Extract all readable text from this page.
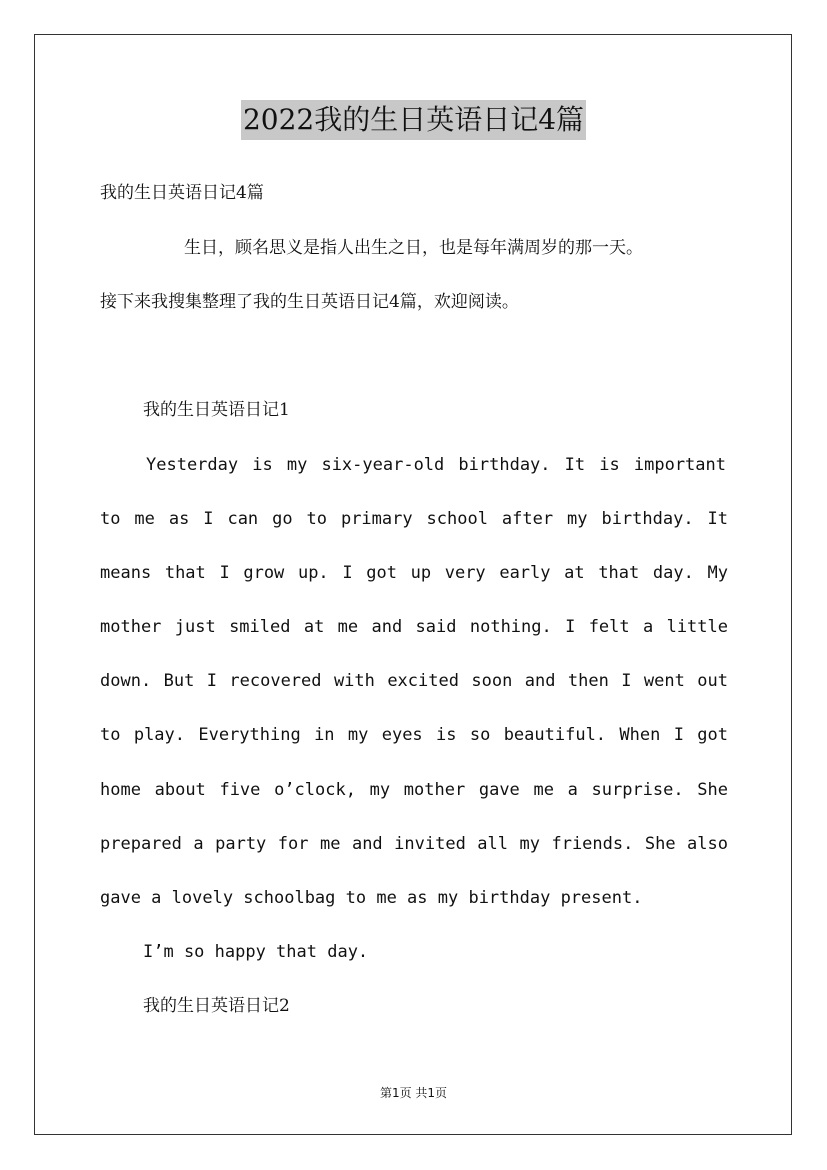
2022我的生日英语日记4篇
我的生日英语日记4篇
生日，顾名思义是指人出生之日，也是每年满周岁的那一天。
接下来我搜集整理了我的生日英语日记4篇，欢迎阅读。
我的生日英语日记1
Yesterday is my six-year-old birthday. It is important
to me as I can go to primary school after my birthday. It
means that I grow up. I got up very early at that day. My
mother just smiled at me and said nothing. I felt a little
down. But I recovered with excited soon and then I went out
to play. Everything in my eyes is so beautiful. When I got
home about five o’clock, my mother gave me a surprise. She
prepared a party for me and invited all my friends. She also
gave a lovely schoolbag to me as my birthday present.
I’m so happy that day.
我的生日英语日记2
第1页 共1页
